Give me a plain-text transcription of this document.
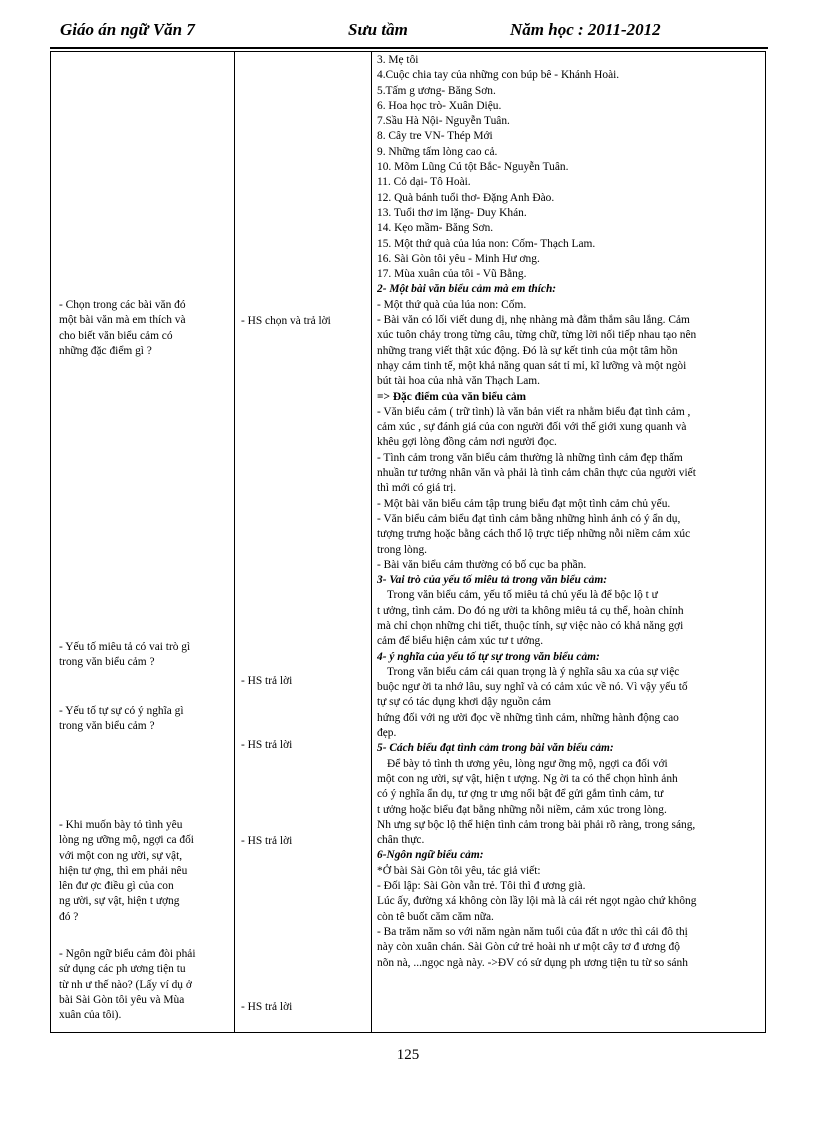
Giáo án ngữ Văn 7	Sưu tầm	Năm học : 2011-2012
- Chọn trong các bài văn đó
một bài văn mà em thích và
cho biết văn biểu cảm có
những đặc điểm gì ?
- Yếu tố miêu tả có vai trò gì
trong văn biểu cảm ?
- Yếu tố tự sự có ý nghĩa gì
trong văn biểu cảm ?
- Khi muốn bày tỏ tình yêu
lòng ng ưỡng mộ, ngợi ca đối
với một con ng ười, sự vật,
hiện tư ợng, thì em phải nêu
lên đư ợc điều gì của con
ng ười, sự vật, hiện t ượng
đó ?
- Ngôn ngữ biểu cảm đòi phải
sử dụng các ph ương tiện tu
từ nh ư thế nào? (Lấy ví dụ ở
bài Sài Gòn tôi yêu và Mùa
xuân của tôi).
- HS chọn và trả lời
- HS trả lời
- HS trả lời
- HS trả lời
- HS trả lời
3. Mẹ tôi
4.Cuộc chia tay của những con búp bê - Khánh Hoài.
5.Tấm g ương- Băng Sơn.
6. Hoa học trò- Xuân Diệu.
7.Sầu Hà Nội- Nguyễn Tuân.
8. Cây tre VN- Thép Mới
9. Những tấm lòng cao cả.
10. Mõm Lũng Cú tột Bắc- Nguyễn Tuân.
11. Cỏ dại- Tô Hoài.
12. Quà bánh tuổi thơ- Đặng Anh Đào.
13. Tuổi thơ im lặng- Duy Khán.
14. Kẹo mầm- Băng Sơn.
15. Một thứ quà của lúa non: Cốm- Thạch Lam.
16. Sài Gòn tôi yêu - Minh Hư ơng.
17. Mùa xuân của tôi - Vũ Bằng.
2- Một bài văn biểu cảm mà em thích:
- Một thứ quà của lúa non: Cốm.
- Bài văn có lối viết dung dị, nhẹ nhàng mà đằm thắm sâu lắng. Cảm
xúc tuôn chảy trong từng câu, từng chữ, từng lời nối tiếp nhau tạo nên
những trang viết thật xúc động. Đó là sự kết tinh của một tâm hồn
nhạy cảm tinh tế, một khả năng quan sát tỉ mỉ, kĩ lưỡng và một ngòi
bút tài hoa của nhà văn Thạch Lam.
=> Đặc điểm của văn biểu cảm
- Văn biểu cảm ( trữ tình) là văn bản viết ra nhằm biểu đạt tình cảm ,
cảm xúc , sự đánh giá của con người đối với thế giới xung quanh và
khêu gợi lòng đồng cảm nơi người đọc.
- Tình cảm trong văn biểu cảm thường là những tình cảm đẹp thấm
nhuần tư tưởng nhân văn và phải là tình cảm chân thực của người viết
thì mới có giá trị.
- Một bài văn biểu cảm tập trung biểu đạt một tình cảm chủ yếu.
- Văn biểu cảm biểu đạt tình cảm bằng những hình ảnh có ý ẩn dụ,
tượng trưng hoặc bằng cách thổ lộ trực tiếp những nỗi niềm cảm xúc
trong lòng.
- Bài văn biểu cảm thường có bố cục ba phần.
3- Vai trò của yếu tố miêu tả trong văn biểu cảm:
Trong văn biểu cảm, yếu tố miêu tả chủ yếu là để bộc lộ t ư
t ưởng, tình cảm. Do đó ng ười ta không miêu tả cụ thể, hoàn chỉnh
mà chỉ chọn những chi tiết, thuộc tính, sự việc nào có khả năng gợi
cảm để biểu hiện cảm xúc tư t ưởng.
4- ý nghĩa của yếu tố tự sự trong văn biểu cảm:
Trong văn biểu cảm cái quan trọng là ý nghĩa sâu xa của sự việc
buộc ngư ời ta nhớ lâu, suy nghĩ và có cảm xúc về nó. Vì vậy yếu tố
tự sự có tác dụng khơi dậy nguồn cảm
hứng đối với ng ười đọc về những tình cảm, những hành động cao
đẹp.
5- Cách biểu đạt tình cảm trong bài văn biểu cảm:
Để bày tỏ tình th ương yêu, lòng ngư ỡng mộ, ngợi ca đối với
một con ng ười, sự vật, hiện t ượng. Ng ời ta có thể chọn hình ảnh
có ý nghĩa ẩn dụ, tư ợng tr ưng nổi bật để gửi gắm tình cảm, tư
t ưởng hoặc biểu đạt bằng những nỗi niềm, cảm xúc trong lòng.
Nh ưng sự bộc lộ thể hiện tình cảm trong bài phải rõ ràng, trong sáng,
chân thực.
6-Ngôn ngữ biểu cảm:
*Ở bài Sài Gòn tôi yêu, tác giả viết:
- Đối lập: Sài Gòn vẫn trẻ. Tôi thì đ ương già.
Lúc ấy, đường xá không còn lầy lội mà là cái rét ngọt ngào chứ không
còn tê buốt căm căm nữa.
- Ba trăm năm so với năm ngàn năm tuổi của đất n ước thì cái đô thị
này còn xuân chán. Sài Gòn cứ trẻ hoài nh ư một cây tơ đ ương độ
nõn nà, ...ngọc ngà này. ->ĐV có sử dụng ph ương tiện tu từ so sánh
125
